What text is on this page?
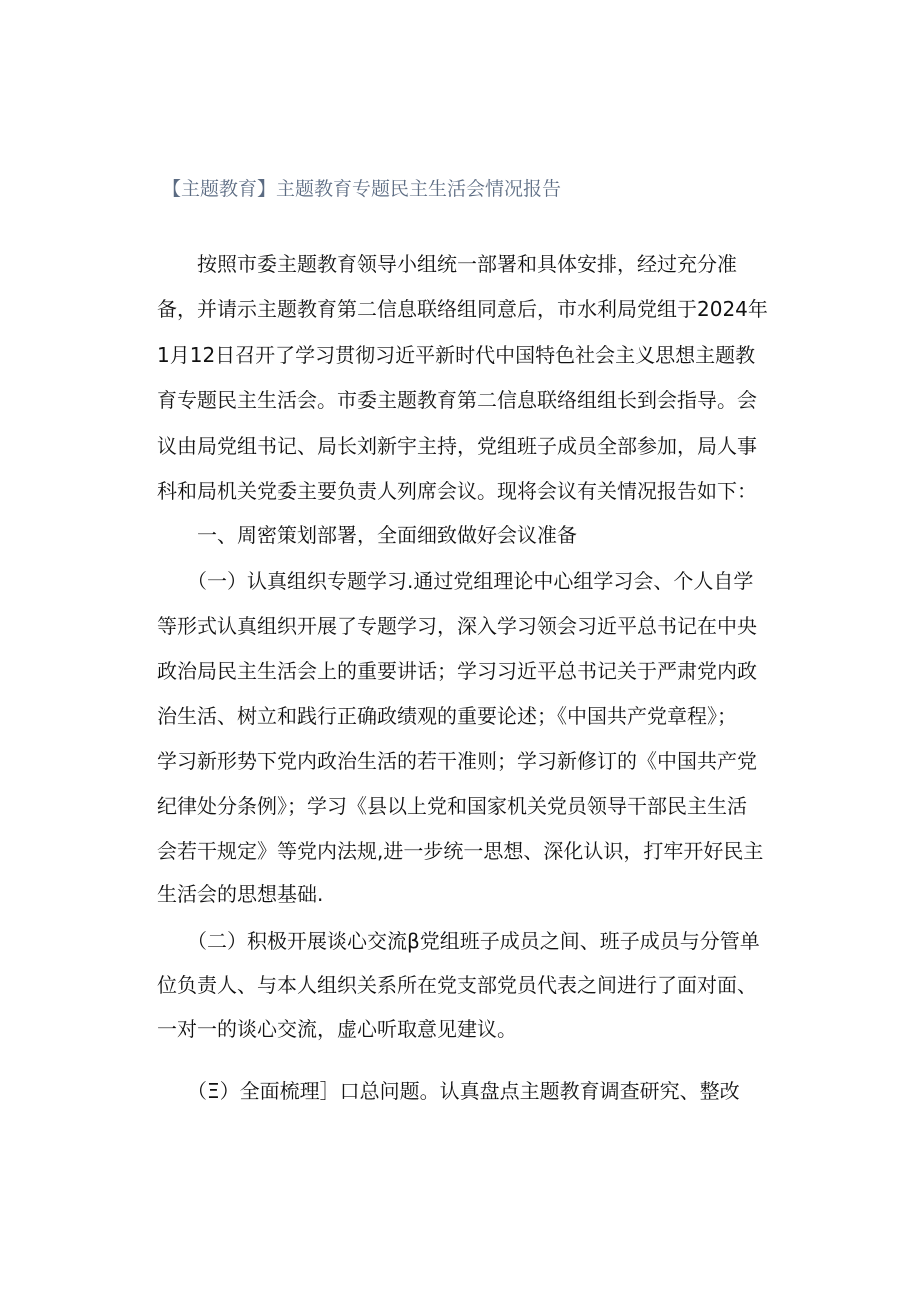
【主题教育】主题教育专题民主生活会情况报告
　　按照市委主题教育领导小组统一部署和具体安排，经过充分准
备，并请示主题教育第二信息联络组同意后，市水利局党组于2024年
1月12日召开了学习贯彻习近平新时代中国特色社会主义思想主题教
育专题民主生活会。市委主题教育第二信息联络组组长到会指导。会
议由局党组书记、局长刘新宇主持，党组班子成员全部参加，局人事
科和局机关党委主要负责人列席会议。现将会议有关情况报告如下：
　　一、周密策划部署，全面细致做好会议准备
　　（一）认真组织专题学习.通过党组理论中心组学习会、个人自学
等形式认真组织开展了专题学习，深入学习领会习近平总书记在中央
政治局民主生活会上的重要讲话；学习习近平总书记关于严肃党内政
治生活、树立和践行正确政绩观的重要论述；《中国共产党章程》；
学习新形势下党内政治生活的若干准则；学习新修订的《中国共产党
纪律处分条例》；学习《县以上党和国家机关党员领导干部民主生活
会若干规定》等党内法规,进一步统一思想、深化认识，打牢开好民主
生活会的思想基础.
　　（二）积极开展谈心交流β党组班子成员之间、班子成员与分管单
位负责人、与本人组织关系所在党支部党员代表之间进行了面对面、
一对一的谈心交流，虚心听取意见建议。
　　（Ξ）全面梳理］口总问题。认真盘点主题教育调查研究、整改
